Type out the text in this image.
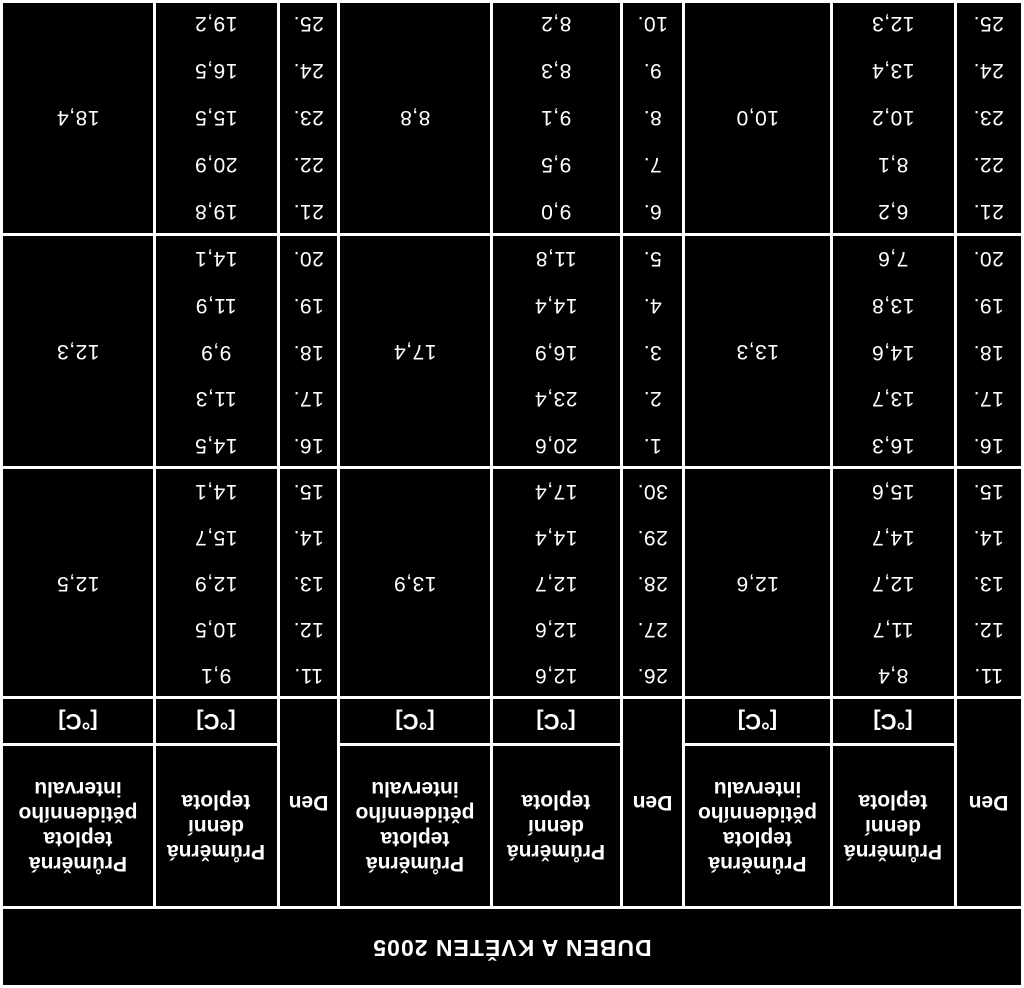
DUBEN A KVĚTEN 2005
Den
Průměrná denní teplota
Průměrná teplota pětidenního intervalu
[°C]
[°C]
11.
8,4
12.
11,7
13.
12,7
14.
14,7
15.
15,6
12,6
16.
16,3
17.
13,7
18.
14,6
19.
13,8
20.
7,6
13,3
21.
6,2
22.
8,1
23.
10,2
24.
13,4
25.
12,3
10,0
Den
Průměrná denní teplota
Průměrná teplota pětidenního intervalu
[°C]
[°C]
26.
12,6
27.
12,6
28.
12,7
29.
14,4
30.
17,4
13,9
1.
20,6
2.
23,4
3.
16,9
4.
14,4
5.
11,8
17,4
6.
9,0
7.
9,5
8.
9,1
9.
8,3
10.
8,2
8,8
Den
Průměrná denní teplota
Průměrná teplota pětidenního intervalu
[°C]
[°C]
11.
9,1
12.
10,5
13.
12,9
14.
15,7
15.
14,1
12,5
16.
14,5
17.
11,3
18.
9,9
19.
11,9
20.
14,1
12,3
21.
19,8
22.
20,9
23.
15,5
24.
16,5
25.
19,2
18,4
